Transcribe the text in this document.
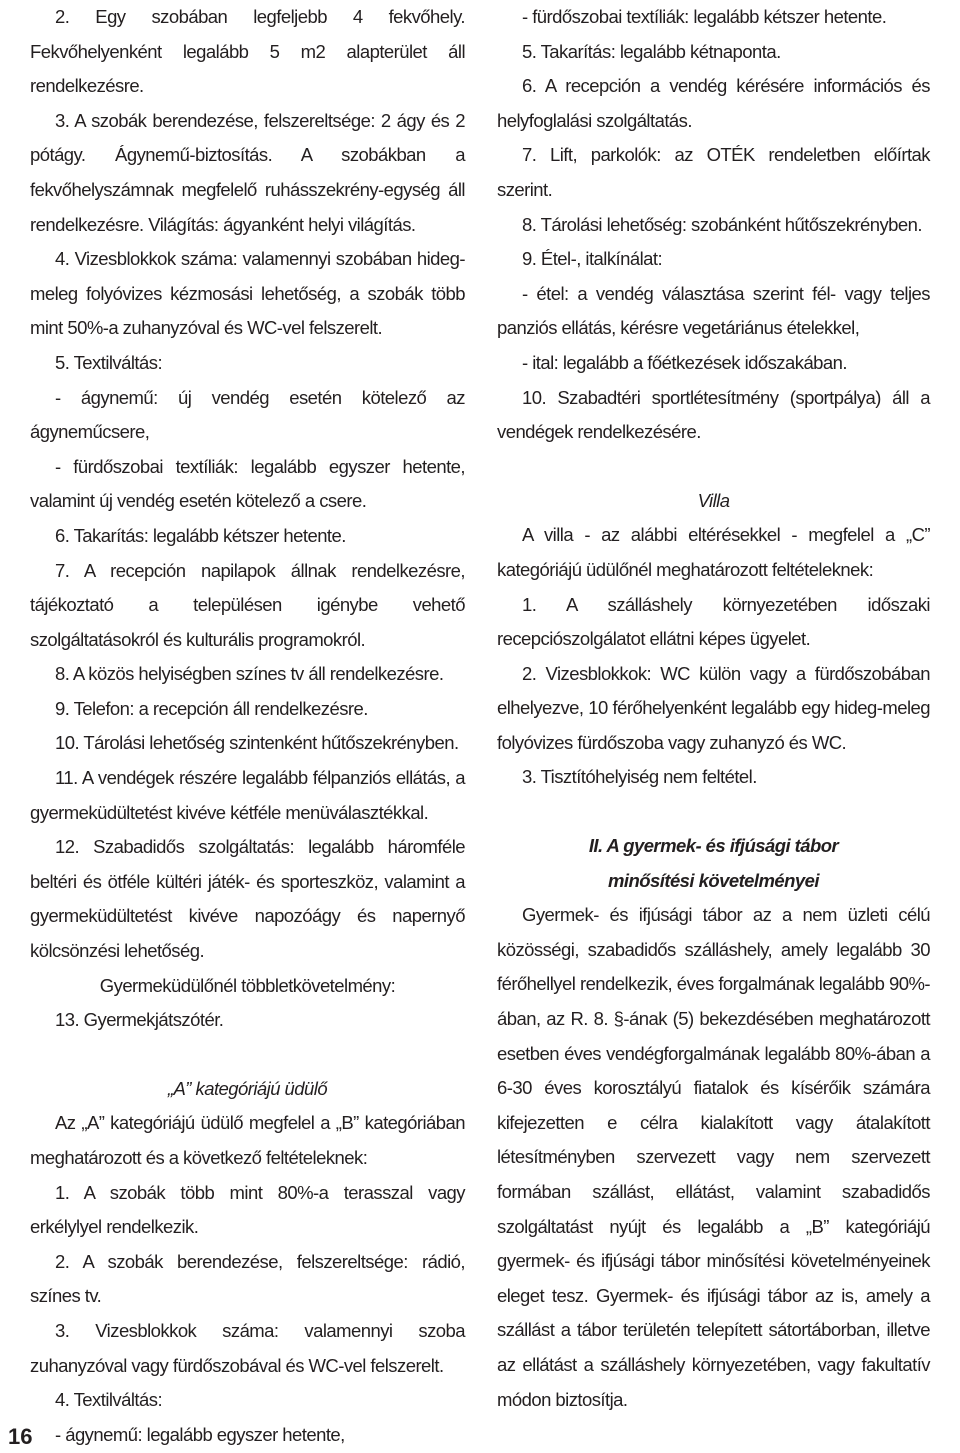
2. Egy szobában legfeljebb 4 fekvőhely. Fekvőhelyenként legalább 5 m2 alapterület áll rendelkezésre.

3. A szobák berendezése, felszereltsége: 2 ágy és 2 pótágy. Ágynemű-biztosítás. A szobákban a fekvőhelyszámnak megfelelő ruhásszekrény-egység áll rendelkezésre. Világítás: ágyanként helyi világítás.

4. Vizesblokkok száma: valamennyi szobában hideg-meleg folyóvizes kézmosási lehetőség, a szobák több mint 50%-a zuhanyzóval és WC-vel felszerelt.

5. Textilváltás:

- ágynemű: új vendég esetén kötelező az ágyneműcsere,

- fürdőszobai textíliák: legalább egyszer hetente, valamint új vendég esetén kötelező a csere.

6. Takarítás: legalább kétszer hetente.

7. A recepción napilapok állnak rendelkezésre, tájékoztató a településen igénybe vehető szolgáltatásokról és kulturális programokról.

8. A közös helyiségben színes tv áll rendelkezésre.

9. Telefon: a recepción áll rendelkezésre.

10. Tárolási lehetőség szintenként hűtőszekrényben.

11. A vendégek részére legalább félpanziós ellátás, a gyermeküdültetést kivéve kétféle menüválasztékkal.

12. Szabadidős szolgáltatás: legalább háromféle beltéri és ötféle kültéri játék- és sporteszköz, valamint a gyermeküdültetést kivéve napozóágy és napernyő kölcsönzési lehetőség.

Gyermeküdülőnél többletkövetelmény:

13. Gyermekjátszótér.

„A” kategóriájú üdülő

Az „A” kategóriájú üdülő megfelel a „B” kategóriában meghatározott és a következő feltételeknek:

1. A szobák több mint 80%-a terasszal vagy erkélylyel rendelkezik.

2. A szobák berendezése, felszereltsége: rádió, színes tv.

3. Vizesblokkok száma: valamennyi szoba zuhanyzóval vagy fürdőszobával és WC-vel felszerelt.

4. Textilváltás:

- ágynemű: legalább egyszer hetente,

- fürdőszobai textíliák: legalább kétszer hetente.

5. Takarítás: legalább kétnaponta.

6. A recepción a vendég kérésére információs és helyfoglalási szolgáltatás.

7. Lift, parkolók: az OTÉK rendeletben előírtak szerint.

8. Tárolási lehetőség: szobánként hűtőszekrényben.

9. Étel-, italkínálat:

- étel: a vendég választása szerint fél- vagy teljes panziós ellátás, kérésre vegetáriánus ételekkel,

- ital: legalább a főétkezések időszakában.

10. Szabadtéri sportlétesítmény (sportpálya) áll a vendégek rendelkezésére.

Villa

A villa - az alábbi eltérésekkel - megfelel a „C” kategóriájú üdülőnél meghatározott feltételeknek:

1. A szálláshely környezetében időszaki recepciószolgálatot ellátni képes ügyelet.

2. Vizesblokkok: WC külön vagy a fürdőszobában elhelyezve, 10 férőhelyenként legalább egy hideg-meleg folyóvizes fürdőszoba vagy zuhanyzó és WC.

3. Tisztítóhelyiség nem feltétel.

II. A gyermek- és ifjúsági tábor

minősítési követelményei

Gyermek- és ifjúsági tábor az a nem üzleti célú közösségi, szabadidős szálláshely, amely legalább 30 férőhellyel rendelkezik, éves forgalmának legalább 90%-ában, az R. 8. §-ának (5) bekezdésében meghatározott esetben éves vendégforgalmának legalább 80%-ában a 6-30 éves korosztályú fiatalok és kísérőik számára kifejezetten e célra kialakított vagy átalakított létesítményben szervezett vagy nem szervezett formában szállást, ellátást, valamint szabadidős szolgáltatást nyújt és legalább a „B” kategóriájú gyermek- és ifjúsági tábor minősítési követelményeinek eleget tesz. Gyermek- és ifjúsági tábor az is, amely a szállást a tábor területén telepített sátortáborban, illetve az ellátást a szálláshely környezetében, vagy fakultatív módon biztosítja.

16
